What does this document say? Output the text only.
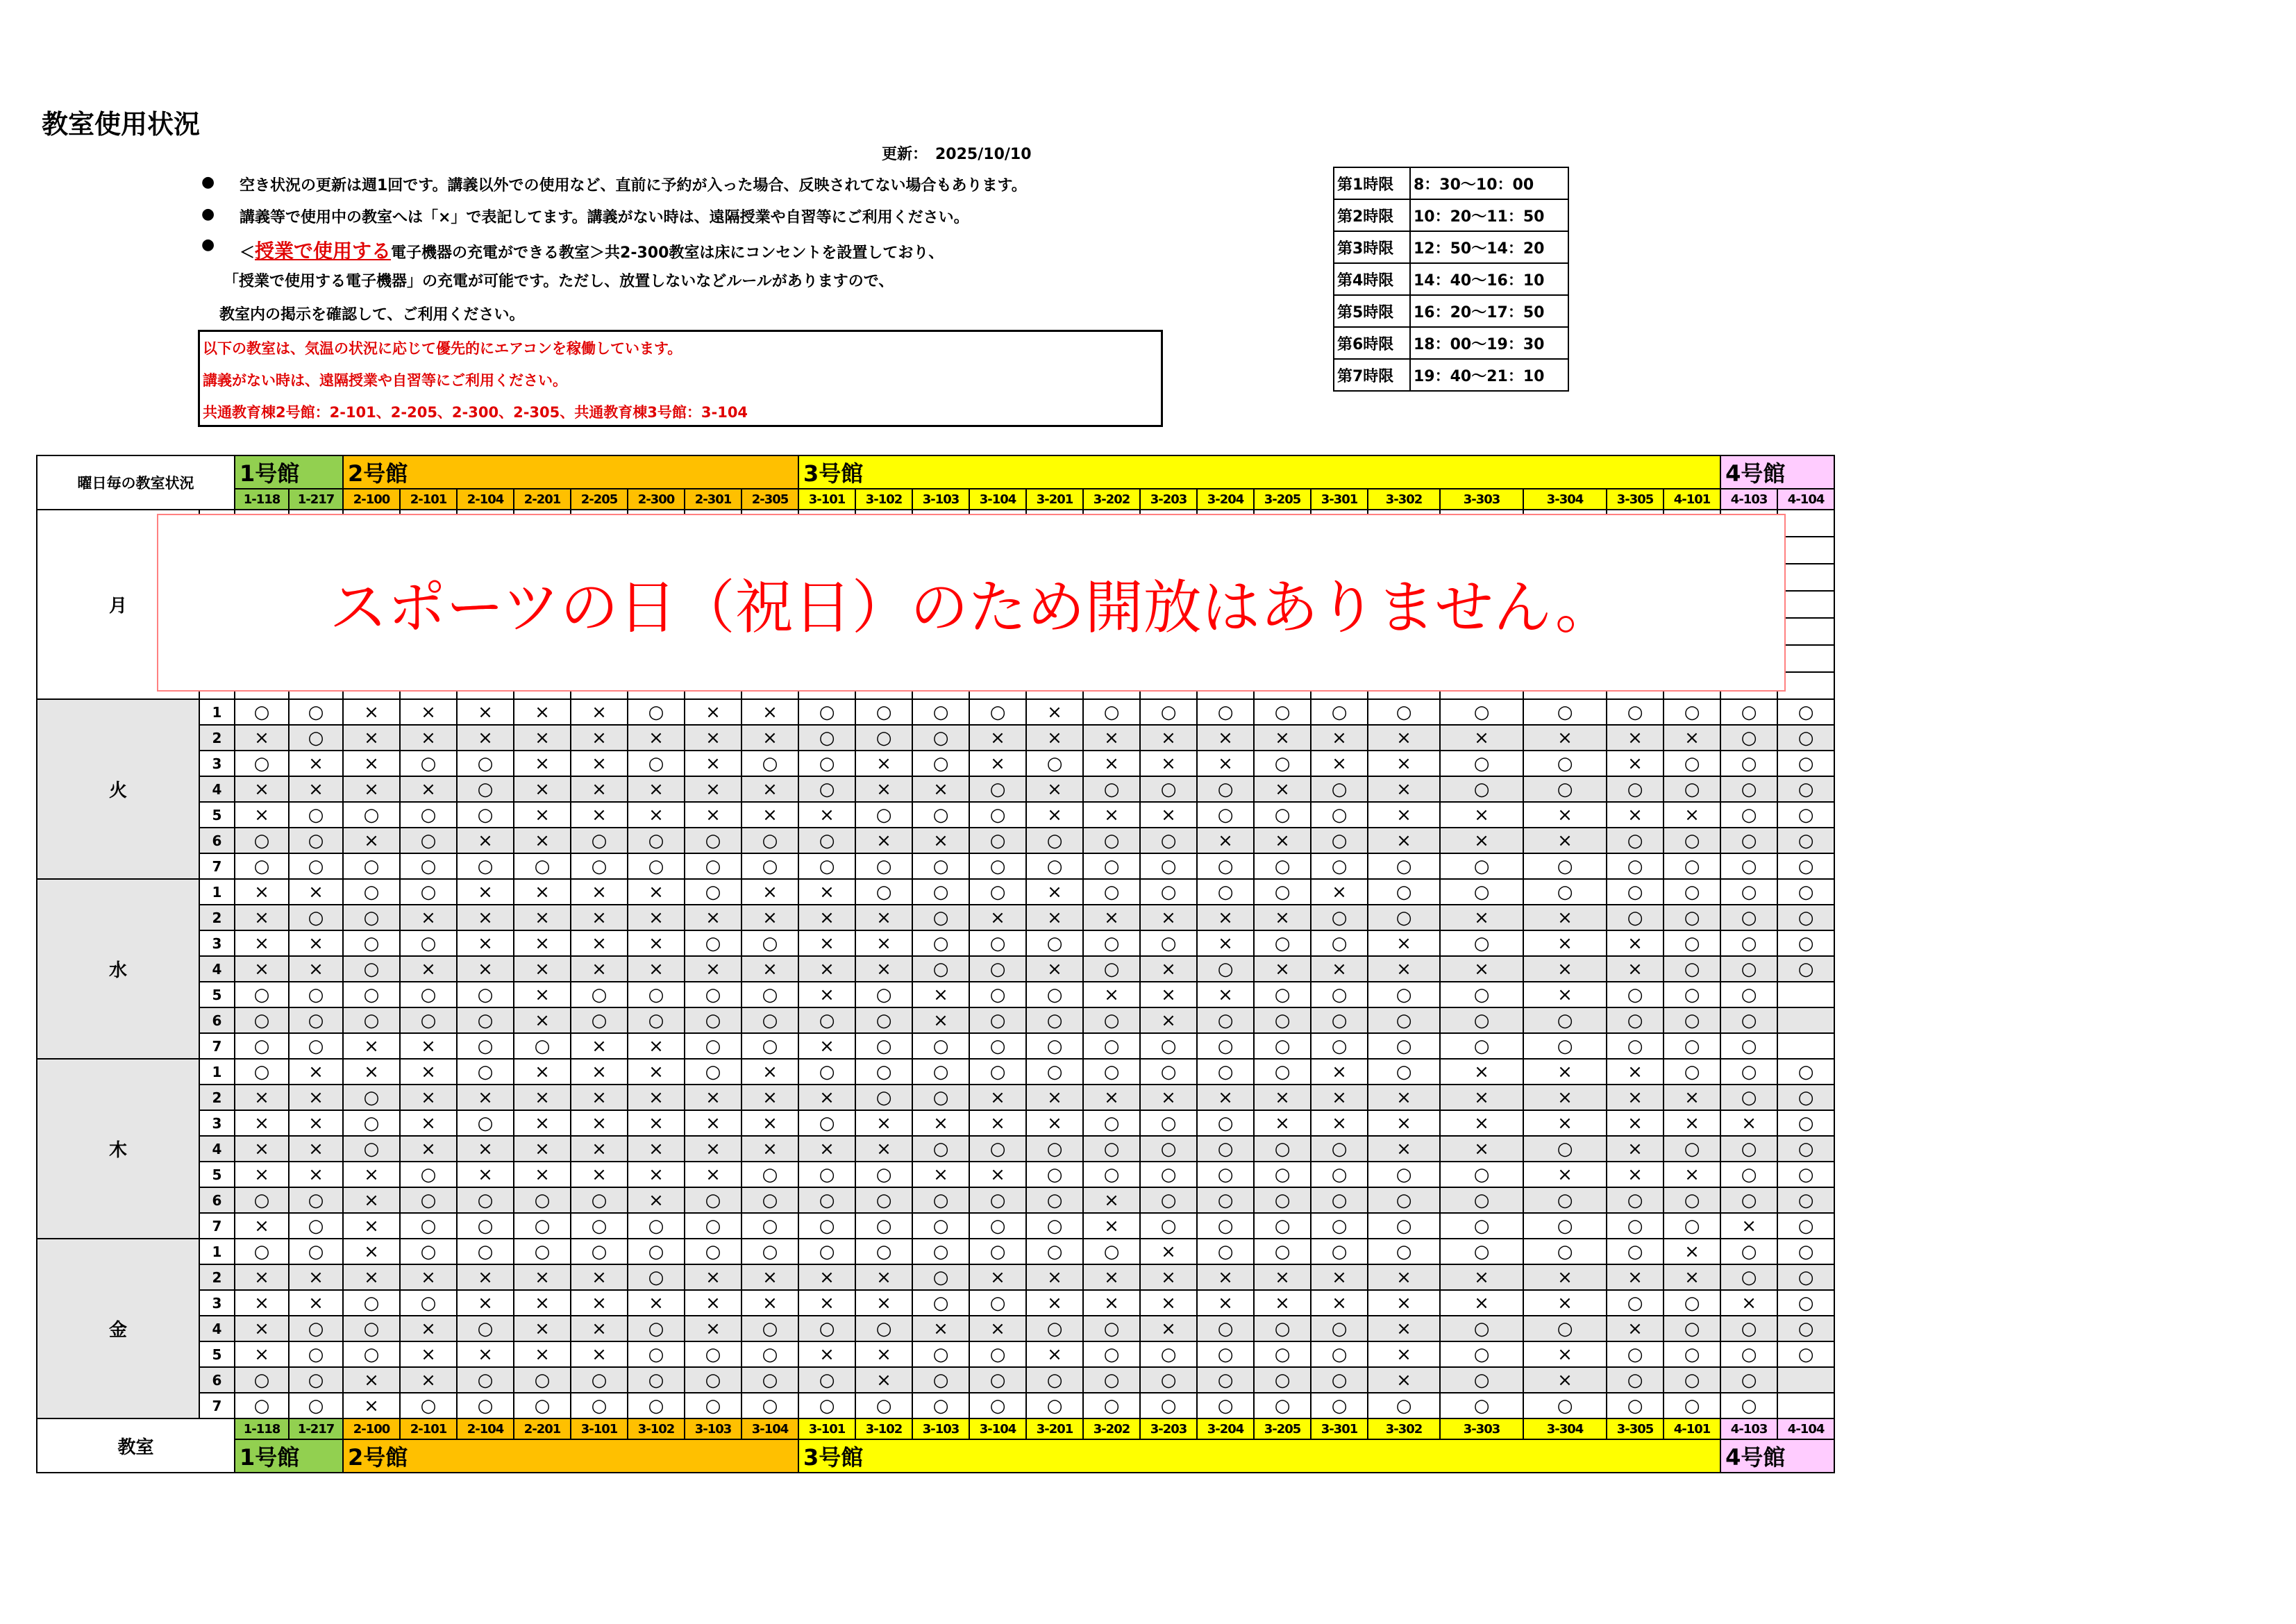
教室使用状況
更新：　2025/10/10
● 空き状況の更新は週1回です。講義以外での使用など、直前に予約が入った場合、反映されてない場合もあります。
● 講義等で使用中の教室へは「×」で表記してます。講義がない時は、遠隔授業や自習等にご利用ください。
● ＜授業で使用する電子機器の充電ができる教室＞共2-300教室は床にコンセントを設置しており、
「授業で使用する電子機器」の充電が可能です。ただし、放置しないなどルールがありますので、
教室内の掲示を確認して、ご利用ください。
以下の教室は、気温の状況に応じて優先的にエアコンを稼働しています。
講義がない時は、遠隔授業や自習等にご利用ください。
共通教育棟2号館：2-101、2-205、2-300、2-305、共通教育棟3号館：3-104
第1時限	8：30～10：00
第2時限	10：20～11：50
第3時限	12：50～14：20
第4時限	14：40～16：10
第5時限	16：20～17：50
第6時限	18：00～19：30
第7時限	19：40～21：10
曜日毎の教室状況		1号館		2号館								3号館															4号館	
		1-118	1-217	2-100	2-101	2-104	2-201	2-205	2-300	2-301	2-305	3-101	3-102	3-103	3-104	3-201	3-202	3-203	3-204	3-205	3-301	3-302	3-303	3-304	3-305	4-101	4-103	4-104
月																												

火	1	○	○	×	×	×	×	×	○	×	×	○	○	○	○	×	○	○	○	○	○	○	○	○	○	○	○	○
	2	×	○	×	×	×	×	×	×	×	×	○	○	○	×	×	×	×	×	×	×	×	×	×	×	×	○	○
	3	○	×	×	○	○	×	×	○	×	○	○	×	○	×	○	×	×	×	○	×	×	○	○	×	○	○	○
	4	×	×	×	×	○	×	×	×	×	×	○	×	×	○	×	○	○	○	×	○	×	○	○	○	○	○	○
	5	×	○	○	○	○	×	×	×	×	×	×	○	○	○	×	×	×	○	○	○	×	×	×	×	×	○	○
	6	○	○	×	○	×	×	○	○	○	○	○	×	×	○	○	○	○	×	×	○	×	×	×	○	○	○	○
	7	○	○	○	○	○	○	○	○	○	○	○	○	○	○	○	○	○	○	○	○	○	○	○	○	○	○	○
水	1	×	×	○	○	×	×	×	×	○	×	×	○	○	○	×	○	○	○	○	×	○	○	○	○	○	○	○
	2	×	○	○	×	×	×	×	×	×	×	×	×	○	×	×	×	×	×	×	○	○	×	×	○	○	○	○
	3	×	×	○	○	×	×	×	×	○	○	×	×	○	○	○	○	○	×	○	○	×	○	×	×	○	○	○
	4	×	×	○	×	×	×	×	×	×	×	×	×	○	○	×	○	×	○	×	×	×	×	×	×	○	○	○
	5	○	○	○	○	○	×	○	○	○	○	×	○	×	○	○	×	×	×	○	○	○	○	×	○	○	○	
	6	○	○	○	○	○	×	○	○	○	○	○	○	×	○	○	○	×	○	○	○	○	○	○	○	○	○	
	7	○	○	×	×	○	○	×	×	○	○	×	○	○	○	○	○	○	○	○	○	○	○	○	○	○	○	
木	1	○	×	×	×	○	×	×	×	○	×	○	○	○	○	○	○	○	○	○	×	○	×	×	×	○	○	○
	2	×	×	○	×	×	×	×	×	×	×	×	○	○	×	×	×	×	×	×	×	×	×	×	×	×	○	○
	3	×	×	○	×	○	×	×	×	×	×	○	×	×	×	×	○	○	○	×	×	×	×	×	×	×	×	○
	4	×	×	○	×	×	×	×	×	×	×	×	×	○	○	○	○	○	○	○	○	×	×	○	×	○	○	○
	5	×	×	×	○	×	×	×	×	×	○	○	○	×	×	○	○	○	○	○	○	○	○	×	×	×	○	○
	6	○	○	×	○	○	○	○	×	○	○	○	○	○	○	○	×	○	○	○	○	○	○	○	○	○	○	○
	7	×	○	×	○	○	○	○	○	○	○	○	○	○	○	○	×	○	○	○	○	○	○	○	○	○	×	○
金	1	○	○	×	○	○	○	○	○	○	○	○	○	○	○	○	○	×	○	○	○	○	○	○	○	×	○	○
	2	×	×	×	×	×	×	×	○	×	×	×	×	○	×	×	×	×	×	×	×	×	×	×	×	×	○	○
	3	×	×	○	○	×	×	×	×	×	×	×	×	○	○	×	×	×	×	×	×	×	×	×	○	○	×	○
	4	×	○	○	×	○	×	×	○	×	○	○	○	×	×	○	○	×	○	○	○	×	○	○	×	○	○	○
	5	×	○	○	×	×	×	×	○	○	○	×	×	○	○	×	○	○	○	○	○	×	○	×	○	○	○	○
	6	○	○	×	×	○	○	○	○	○	○	○	×	○	○	○	○	○	○	○	○	×	○	×	○	○	○	
	7	○	○	×	○	○	○	○	○	○	○	○	○	○	○	○	○	○	○	○	○	○	○	○	○	○	○	
教室		1-118	1-217	2-100	2-101	2-104	2-201	3-101	3-102	3-103	3-104	3-101	3-102	3-103	3-104	3-201	3-202	3-203	3-204	3-205	3-301	3-302	3-303	3-304	3-305	4-101	4-103	4-104
		1号館		2号館								3号館															4号館	
スポーツの日（祝日）のため開放はありません。
